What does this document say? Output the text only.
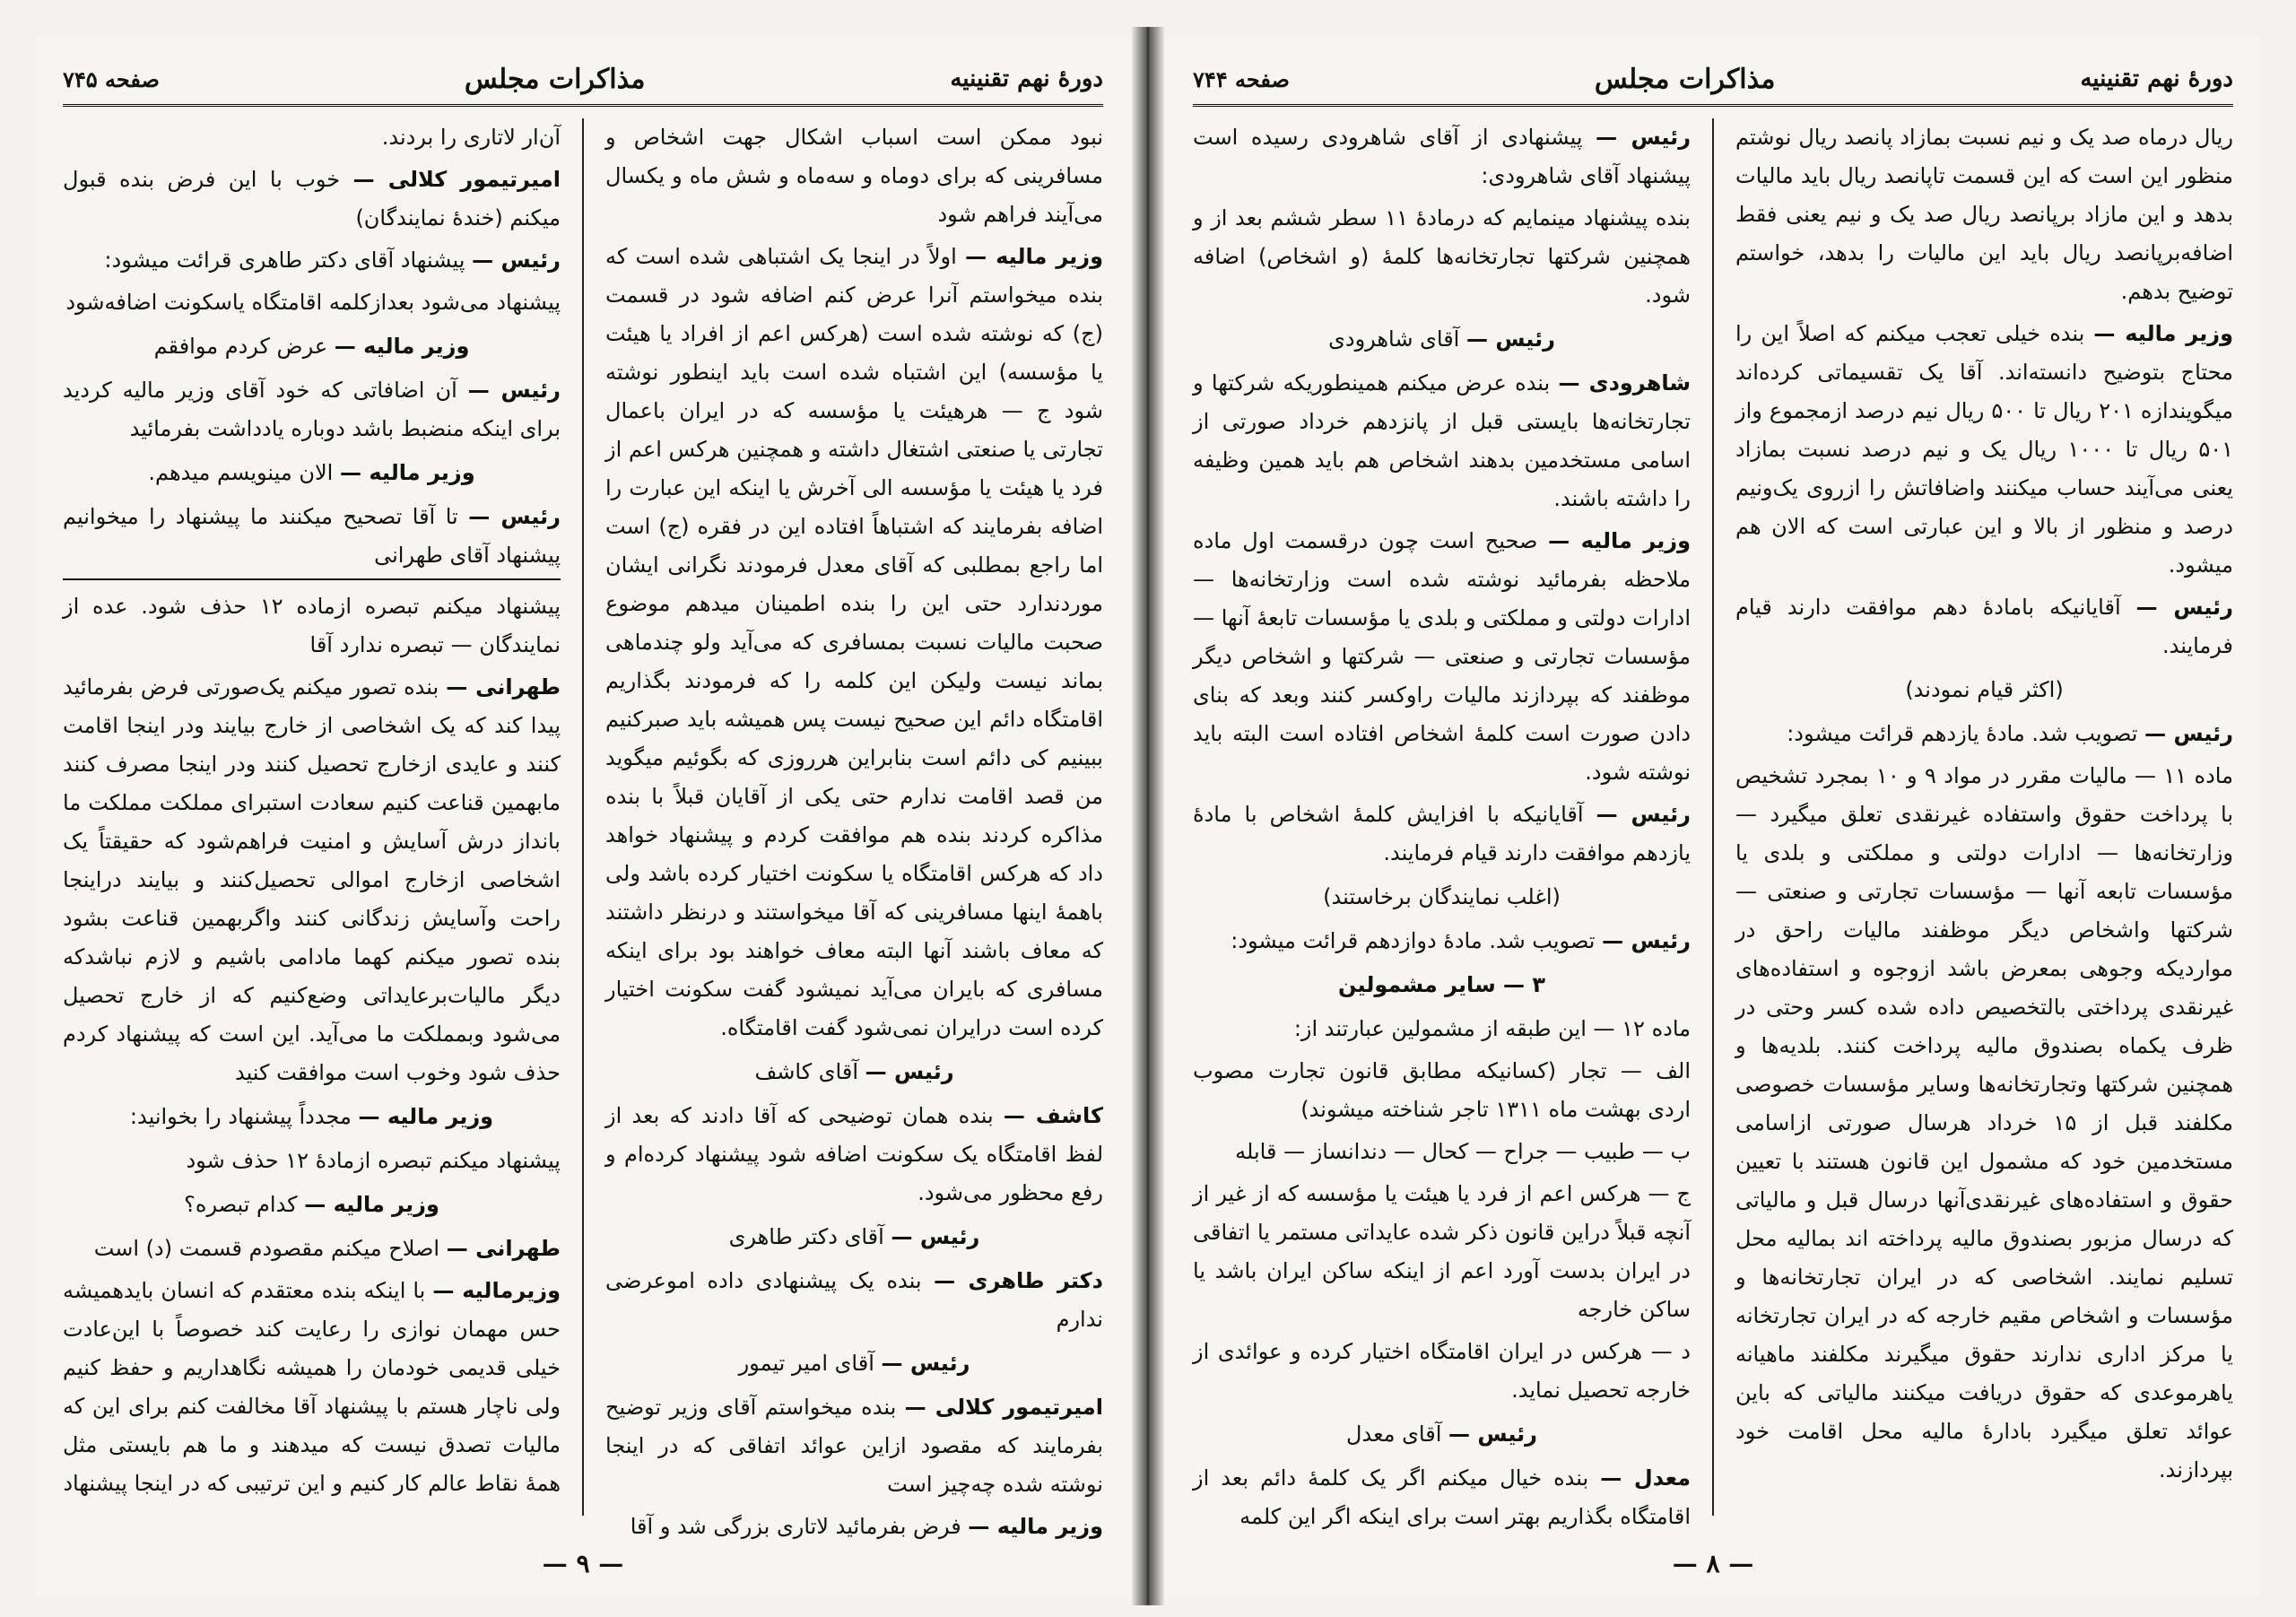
دورهٔ نهم تقنینیه
مذاکرات مجلس
صفحه ۷۴۵

نبود ممکن است اسباب اشکال جهت اشخاص و مسافرینی که برای دوماه و سه‌ماه و شش ماه و یکسال می‌آیند فراهم شود

وزیر مالیه — اولاً در اینجا یک اشتباهی شده است که بنده میخواستم آنرا عرض کنم اضافه شود در قسمت (ج) که نوشته شده است (هرکس اعم از افراد یا هیئت یا مؤسسه) این اشتباه شده است باید اینطور نوشته شود ج — هرهیئت یا مؤسسه که در ایران باعمال تجارتی یا صنعتی اشتغال داشته و همچنین هرکس اعم از فرد یا هیئت یا مؤسسه الی آخرش یا اینکه این عبارت را اضافه بفرمایند که اشتباهاً افتاده این در فقره (ج) است اما راجع بمطلبی که آقای معدل فرمودند نگرانی ایشان موردندارد حتی این را بنده اطمینان میدهم موضوع صحبت مالیات نسبت بمسافری که می‌آید ولو چندماهی بماند نیست ولیکن این کلمه را که فرمودند بگذاریم اقامتگاه دائم این صحیح نیست پس همیشه باید صبرکنیم ببینیم کی دائم است بنابراین هرروزی که بگوئیم میگوید من قصد اقامت ندارم حتی یکی از آقایان قبلاً با بنده مذاکره کردند بنده هم موافقت کردم و پیشنهاد خواهد داد که هرکس اقامتگاه یا سکونت اختیار کرده باشد ولی باهمهٔ اینها مسافرینی که آقا میخواستند و درنظر داشتند که معاف باشند آنها البته معاف خواهند بود برای اینکه مسافری که بایران می‌آید نمیشود گفت سکونت اختیار کرده است درایران نمی‌شود گفت اقامتگاه.

رئیس — آقای کاشف

کاشف — بنده همان توضیحی که آقا دادند که بعد از لفظ اقامتگاه یک سکونت اضافه شود پیشنهاد کرده‌ام و رفع محظور می‌شود.

رئیس — آقای دکتر طاهری

دکتر طاهری — بنده یک پیشنهادی داده اموعرضی ندارم

رئیس — آقای امیر تیمور

امیرتیمور کلالی — بنده میخواستم آقای وزیر توضیح بفرمایند که مقصود ازاین عوائد اتفاقی که در اینجا نوشته شده چه‌چیز است

وزیر مالیه — فرض بفرمائید لاتاری بزرگی شد و آقا

آن‌ار لاتاری را بردند.

امیرتیمور کلالی — خوب با این فرض بنده قبول میکنم (خندهٔ نمایندگان)

رئیس — پیشنهاد آقای دکتر طاهری قرائت میشود:

پیشنهاد می‌شود بعدازکلمه اقامتگاه یاسکونت اضافه‌شود

وزیر مالیه — عرض کردم موافقم

رئیس — آن اضافاتی که خود آقای وزیر مالیه کردید برای اینکه منضبط باشد دوباره یادداشت بفرمائید

وزیر مالیه — الان مینویسم میدهم.

رئیس — تا آقا تصحیح میکنند ما پیشنهاد را میخوانیم پیشنهاد آقای طهرانی

پیشنهاد میکنم تبصره ازماده ۱۲ حذف شود. عده از نمایندگان — تبصره ندارد آقا

طهرانی — بنده تصور میکنم یک‌صورتی فرض بفرمائید پیدا کند که یک اشخاصی از خارج بیایند ودر اینجا اقامت کنند و عایدی ازخارج تحصیل کنند ودر اینجا مصرف کنند مابهمین قناعت کنیم سعادت استبرای مملکت مملکت ما بانداز درش آسایش و امنیت فراهم‌شود که حقیقتاً یک اشخاصی ازخارج اموالی تحصیل‌کنند و بیایند دراینجا راحت وآسایش زندگانی کنند واگربهمین قناعت بشود بنده تصور میکنم کهما مادامی باشیم و لازم نباشدکه دیگر مالیات‌برعایداتی وضع‌کنیم که از خارج تحصیل می‌شود وبمملکت ما می‌آید. این است که پیشنهاد کردم حذف شود وخوب است موافقت کنید

وزیر مالیه — مجدداً پیشنهاد را بخوانید:

پیشنهاد میکنم تبصره ازمادهٔ ۱۲ حذف شود

وزیر مالیه — کدام تبصره؟

طهرانی — اصلاح میکنم مقصودم قسمت (د) است

وزیرمالیه — با اینکه بنده معتقدم که انسان بایدهمیشه حس مهمان نوازی را رعایت کند خصوصاً با این‌عادت خیلی قدیمی خودمان را همیشه نگاهداریم و حفظ کنیم ولی ناچار هستم با پیشنهاد آقا مخالفت کنم برای این که مالیات تصدق نیست که میدهند و ما هم بایستی مثل همهٔ نقاط عالم کار کنیم و این ترتیبی که در اینجا پیشنهاد

— ۹ —
دورهٔ نهم تقنینیه
مذاکرات مجلس
صفحه ۷۴۴

ریال درماه صد یک و نیم نسبت بمازاد پانصد ریال نوشتم منظور این است که این قسمت تاپانصد ریال باید مالیات بدهد و این مازاد برپانصد ریال صد یک و نیم یعنی فقط اضافه‌برپانصد ریال باید این مالیات را بدهد، خواستم توضیح بدهم.

وزیر مالیه — بنده خیلی تعجب میکنم که اصلاً این را محتاج بتوضیح دانسته‌اند. آقا یک تقسیماتی کرده‌اند میگویندازه ۲۰۱ ریال تا ۵۰۰ ریال نیم درصد ازمجموع واز ۵۰۱ ریال تا ۱۰۰۰ ریال یک و نیم درصد نسبت بمازاد یعنی می‌آیند حساب میکنند واضافاتش را ازروی یک‌ونیم درصد و منظور از بالا و این عبارتی است که الان هم میشود.

رئیس — آقایانیکه بامادهٔ دهم موافقت دارند قیام فرمایند.

(اکثر قیام نمودند)

رئیس — تصویب شد. مادهٔ یازدهم قرائت میشود:

ماده ۱۱ — مالیات مقرر در مواد ۹ و ۱۰ بمجرد تشخیص با پرداخت حقوق واستفاده غیرنقدی تعلق میگیرد — وزارتخانه‌ها — ادارات دولتی و مملکتی و بلدی یا مؤسسات تابعه آنها — مؤسسات تجارتی و صنعتی — شرکتها واشخاص دیگر موظفند مالیات راحق در مواردیکه وجوهی بمعرض باشد ازوجوه و استفاده‌های غیرنقدی پرداختی بالتخصیص داده شده کسر وحتی در ظرف یکماه بصندوق مالیه پرداخت کنند. بلدیه‌ها و همچنین شرکتها وتجارتخانه‌ها وسایر مؤسسات خصوصی مکلفند قبل از ۱۵ خرداد هرسال صورتی ازاسامی مستخدمین خود که مشمول این قانون هستند با تعیین حقوق و استفاده‌های غیرنقدی‌آنها درسال قبل و مالیاتی که درسال مزبور بصندوق مالیه پرداخته اند بمالیه محل تسلیم نمایند. اشخاصی که در ایران تجارتخانه‌ها و مؤسسات و اشخاص مقیم خارجه که در ایران تجارتخانه یا مرکز اداری ندارند حقوق میگیرند مکلفند ماهیانه یاهرموعدی که حقوق دریافت میکنند مالیاتی که باین عوائد تعلق میگیرد بادارهٔ مالیه محل اقامت خود بپردازند.

رئیس — پیشنهادی از آقای شاهرودی رسیده است پیشنهاد آقای شاهرودی:

بنده پیشنهاد مینمایم که درمادهٔ ۱۱ سطر ششم بعد از و همچنین شرکتها تجارتخانه‌ها کلمهٔ (و اشخاص) اضافه شود.

رئیس — آقای شاهرودی

شاهرودی — بنده عرض میکنم همینطوریکه شرکتها و تجارتخانه‌ها بایستی قبل از پانزدهم خرداد صورتی از اسامی مستخدمین بدهند اشخاص هم باید همین وظیفه را داشته باشند.

وزیر مالیه — صحیح است چون درقسمت اول ماده ملاحظه بفرمائید نوشته شده است وزارتخانه‌ها — ادارات دولتی و مملکتی و بلدی یا مؤسسات تابعهٔ آنها — مؤسسات تجارتی و صنعتی — شرکتها و اشخاص دیگر موظفند که بپردازند مالیات راوکسر کنند وبعد که بنای دادن صورت است کلمهٔ اشخاص افتاده است البته باید نوشته شود.

رئیس — آقایانیکه با افزایش کلمهٔ اشخاص با مادهٔ یازدهم موافقت دارند قیام فرمایند.

(اغلب نمایندگان برخاستند)

رئیس — تصویب شد. مادهٔ دوازدهم قرائت میشود:

۳ — سایر مشمولین

ماده ۱۲ — این طبقه از مشمولین عبارتند از:

الف — تجار (کسانیکه مطابق قانون تجارت مصوب اردی بهشت ماه ۱۳۱۱ تاجر شناخته میشوند)

ب — طبیب — جراح — کحال — دندانساز — قابله

ج — هرکس اعم از فرد یا هیئت یا مؤسسه که از غیر از آنچه قبلاً دراین قانون ذکر شده عایداتی مستمر یا اتفاقی در ایران بدست آورد اعم از اینکه ساکن ایران باشد یا ساکن خارجه

د — هرکس در ایران اقامتگاه اختیار کرده و عوائدی از خارجه تحصیل نماید.

رئیس — آقای معدل

معدل — بنده خیال میکنم اگر یک کلمهٔ دائم بعد از اقامتگاه بگذاریم بهتر است برای اینکه اگر این کلمه

— ۸ —
